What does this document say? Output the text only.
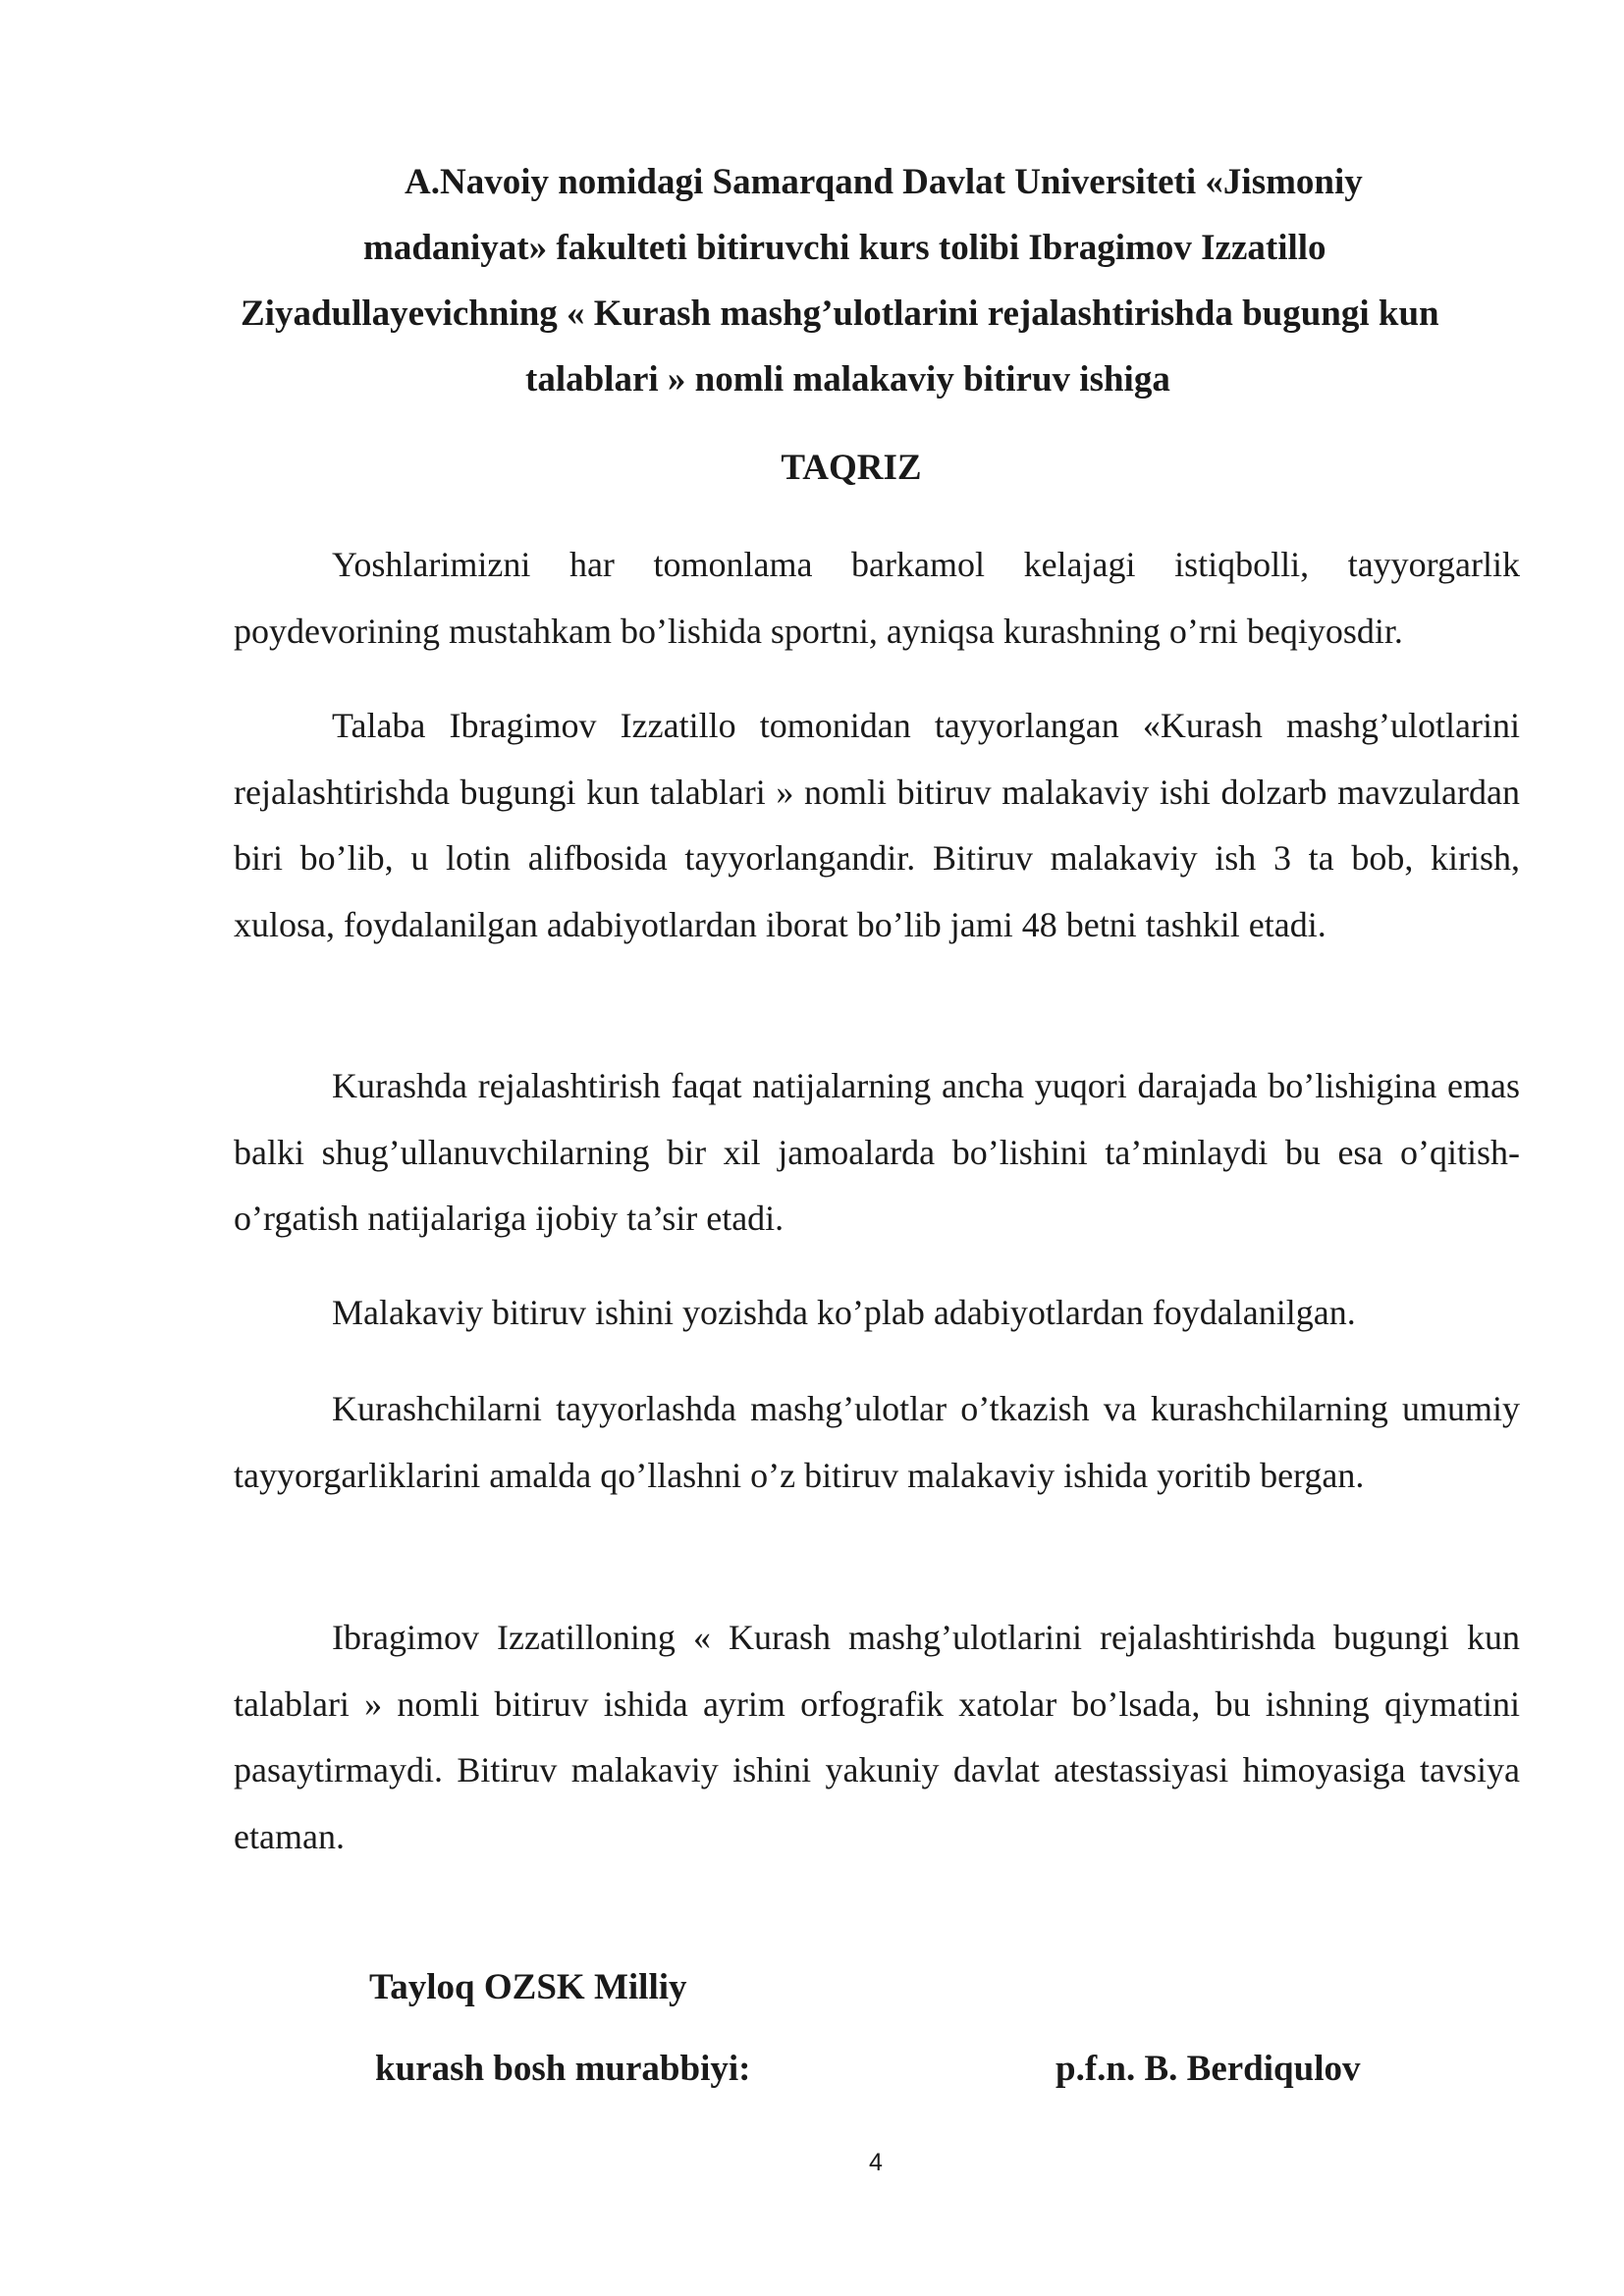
A.Navoiy nomidagi Samarqand Davlat Universiteti «Jismoniy
madaniyat» fakulteti bitiruvchi kurs tolibi Ibragimov Izzatillo
Ziyadullayevichning « Kurash mashg’ulotlarini rejalashtirishda bugungi kun
talablari » nomli malakaviy bitiruv ishiga
TAQRIZ

Yoshlarimizni har tomonlama barkamol kelajagi istiqbolli, tayyorgarlik poydevorining mustahkam bo’lishida sportni, ayniqsa kurashning o’rni beqiyosdir.

Talaba Ibragimov Izzatillo tomonidan tayyorlangan «Kurash mashg’ulotlarini rejalashtirishda bugungi kun talablari » nomli bitiruv malakaviy ishi dolzarb mavzulardan biri bo’lib, u lotin alifbosida tayyorlangandir. Bitiruv malakaviy ish 3 ta bob, kirish, xulosa, foydalanilgan adabiyotlardan iborat bo’lib jami 48 betni tashkil etadi.

Kurashda rejalashtirish faqat natijalarning ancha yuqori darajada bo’lishigina emas balki shug’ullanuvchilarning bir xil jamoalarda bo’lishini ta’minlaydi bu esa o’qitish-o’rgatish natijalariga ijobiy ta’sir etadi.

Malakaviy bitiruv ishini yozishda ko’plab adabiyotlardan foydalanilgan.

Kurashchilarni tayyorlashda mashg’ulotlar o’tkazish va kurashchilarning umumiy tayyorgarliklarini amalda qo’llashni o’z bitiruv malakaviy ishida yoritib bergan.

Ibragimov Izzatilloning « Kurash mashg’ulotlarini rejalashtirishda bugungi kun talablari » nomli bitiruv ishida ayrim orfografik xatolar bo’lsada, bu ishning qiymatini pasaytirmaydi. Bitiruv malakaviy ishini yakuniy davlat atestassiyasi himoyasiga tavsiya etaman.

Tayloq OZSK Milliy
kurash bosh murabbiyi:	p.f.n. B. Berdiqulov
4
